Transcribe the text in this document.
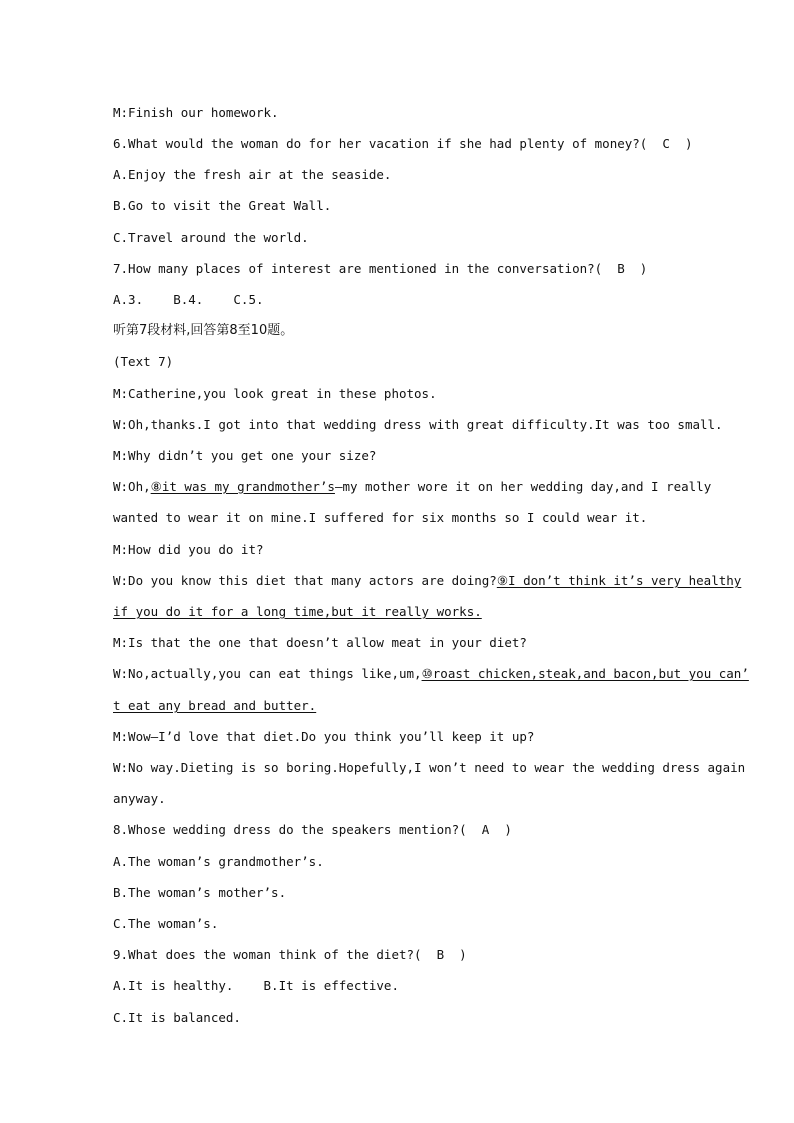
M:Finish our homework.
6.What would the woman do for her vacation if she had plenty of money?(  C  )
A.Enjoy the fresh air at the seaside.
B.Go to visit the Great Wall.
C.Travel around the world.
7.How many places of interest are mentioned in the conversation?(  B  )
A.3.    B.4.    C.5.
听第7段材料,回答第8至10题。
(Text 7)
M:Catherine,you look great in these photos.
W:Oh,thanks.I got into that wedding dress with great difficulty.It was too small.
M:Why didn’t you get one your size?
W:Oh,⑧it was my grandmother’s—my mother wore it on her wedding day,and I really
wanted to wear it on mine.I suffered for six months so I could wear it.
M:How did you do it?
W:Do you know this diet that many actors are doing?⑨I don’t think it’s very healthy
if you do it for a long time,but it really works.
M:Is that the one that doesn’t allow meat in your diet?
W:No,actually,you can eat things like,um,⑩roast chicken,steak,and bacon,but you can’
t eat any bread and butter.
M:Wow—I’d love that diet.Do you think you’ll keep it up?
W:No way.Dieting is so boring.Hopefully,I won’t need to wear the wedding dress again
anyway.
8.Whose wedding dress do the speakers mention?(  A  )
A.The woman’s grandmother’s.
B.The woman’s mother’s.
C.The woman’s.
9.What does the woman think of the diet?(  B  )
A.It is healthy.    B.It is effective.
C.It is balanced.
